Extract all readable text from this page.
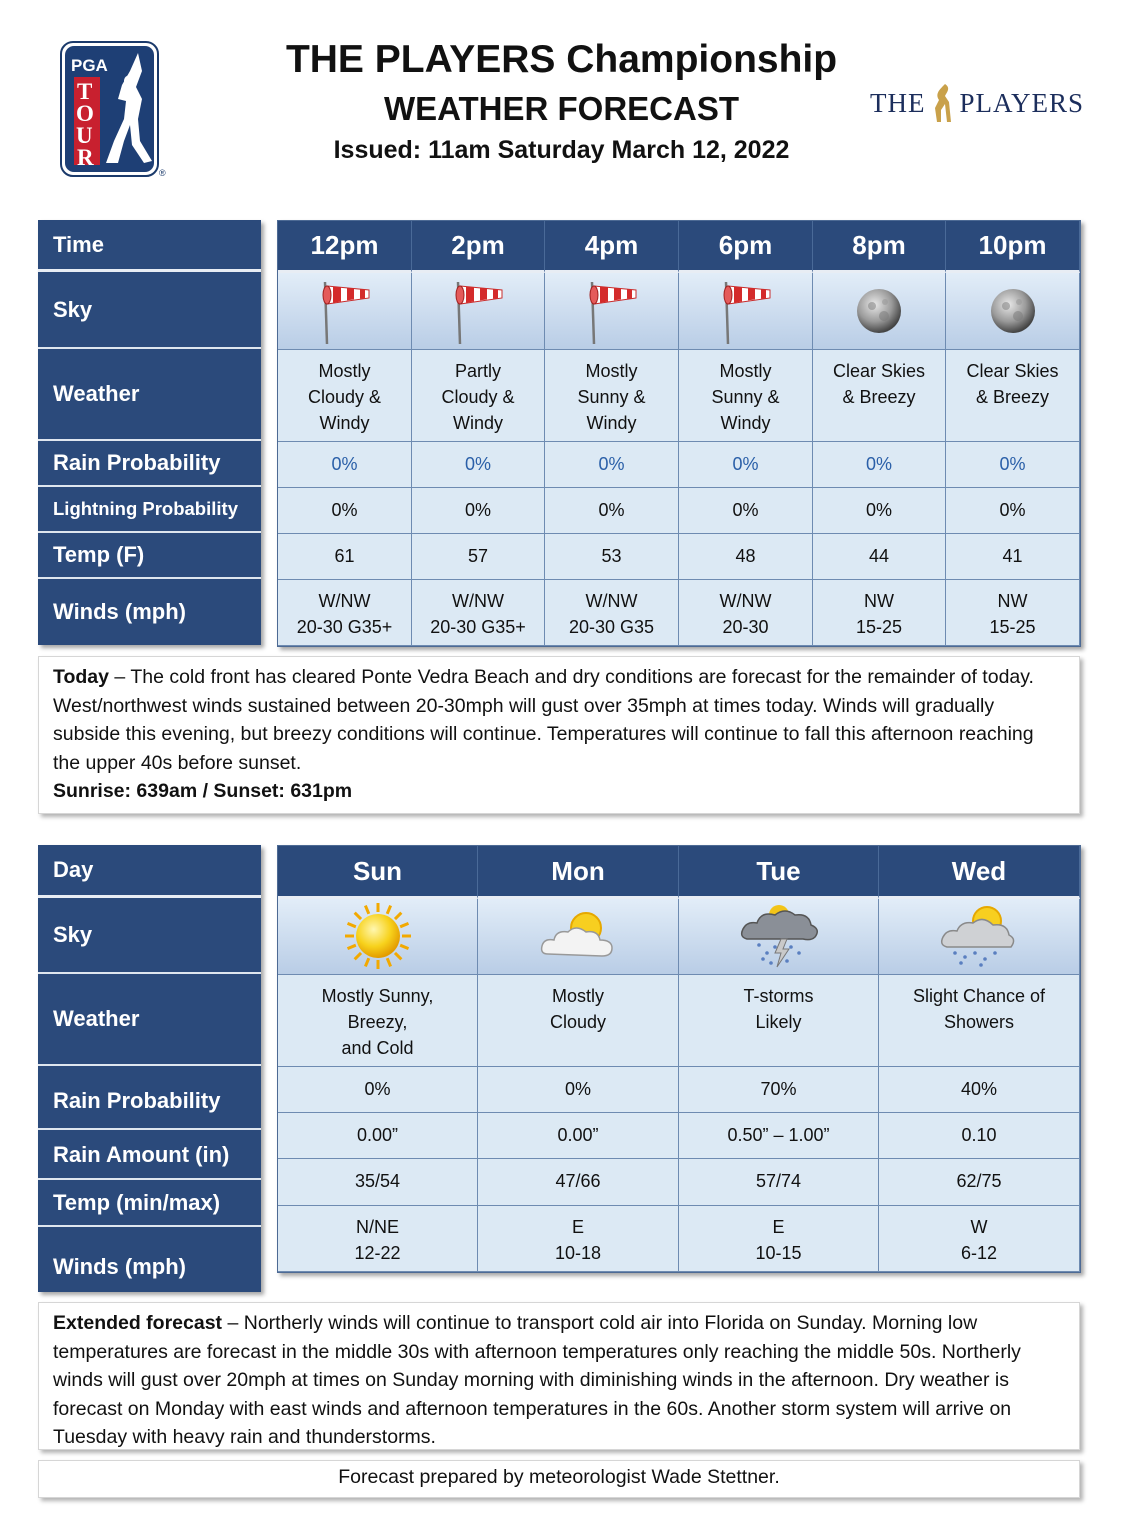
PGA
T O U R
®
THE PLAYERS Championship
WEATHER FORECAST
Issued: 11am Saturday March 12, 2022
THE PLAYERS
Time
Sky
Weather
Rain Probability
Lightning Probability
Temp (F)
Winds (mph)
12pm
Mostly
Cloudy &
Windy
0%
0%
61
W/NW
20-30 G35+
2pm
Partly
Cloudy &
Windy
0%
0%
57
W/NW
20-30 G35+
4pm
Mostly
Sunny &
Windy
0%
0%
53
W/NW
20-30 G35
6pm
Mostly
Sunny &
Windy
0%
0%
48
W/NW
20-30
8pm
Clear Skies
& Breezy
0%
0%
44
NW
15-25
10pm
Clear Skies
& Breezy
0%
0%
41
NW
15-25
Today – The cold front has cleared Ponte Vedra Beach and dry conditions are forecast for the remainder of today. West/northwest winds sustained between 20-30mph will gust over 35mph at times today. Winds will gradually subside this evening, but breezy conditions will continue. Temperatures will continue to fall this afternoon reaching the upper 40s before sunset.
Sunrise: 639am / Sunset: 631pm
Day
Sky
Weather
Rain Probability
Rain Amount (in)
Temp (min/max)
Winds (mph)
Sun
Mostly Sunny,
Breezy,
and Cold
0%
0.00”
35/54
N/NE
12-22
Mon
Mostly
Cloudy
0%
0.00”
47/66
E
10-18
Tue
T-storms
Likely
70%
0.50” – 1.00”
57/74
E
10-15
Wed
Slight Chance of
Showers
40%
0.10
62/75
W
6-12
Extended forecast – Northerly winds will continue to transport cold air into Florida on Sunday. Morning low temperatures are forecast in the middle 30s with afternoon temperatures only reaching the middle 50s. Northerly winds will gust over 20mph at times on Sunday morning with diminishing winds in the afternoon. Dry weather is forecast on Monday with east winds and afternoon temperatures in the 60s. Another storm system will arrive on Tuesday with heavy rain and thunderstorms.
Forecast prepared by meteorologist Wade Stettner.
